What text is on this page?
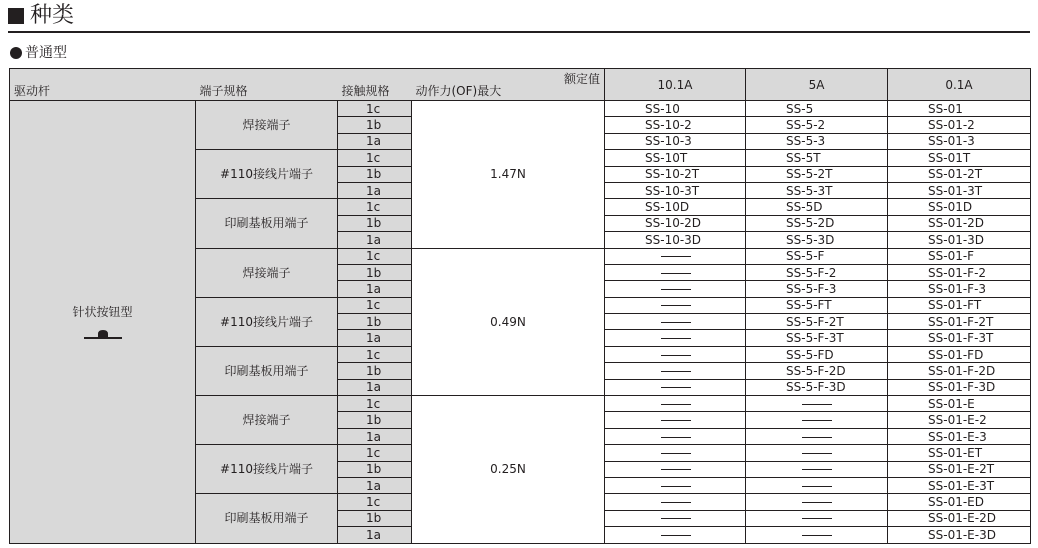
种类
普通型
驱动杆	端子规格	接触规格	动作力(OF)最大
额定值	10.1A	5A	0.1A
针状按钮型	焊接端子	1c	1.47N	SS-10	SS-5	SS-01
		1b		SS-10-2	SS-5-2	SS-01-2
		1a		SS-10-3	SS-5-3	SS-01-3
	#110接线片端子	1c		SS-10T	SS-5T	SS-01T
		1b		SS-10-2T	SS-5-2T	SS-01-2T
		1a		SS-10-3T	SS-5-3T	SS-01-3T
	印刷基板用端子	1c		SS-10D	SS-5D	SS-01D
		1b		SS-10-2D	SS-5-2D	SS-01-2D
		1a		SS-10-3D	SS-5-3D	SS-01-3D
	焊接端子	1c	0.49N		SS-5-F	SS-01-F
		1b			SS-5-F-2	SS-01-F-2
		1a			SS-5-F-3	SS-01-F-3
	#110接线片端子	1c			SS-5-FT	SS-01-FT
		1b			SS-5-F-2T	SS-01-F-2T
		1a			SS-5-F-3T	SS-01-F-3T
	印刷基板用端子	1c			SS-5-FD	SS-01-FD
		1b			SS-5-F-2D	SS-01-F-2D
		1a			SS-5-F-3D	SS-01-F-3D
	焊接端子	1c	0.25N			SS-01-E
		1b				SS-01-E-2
		1a				SS-01-E-3
	#110接线片端子	1c				SS-01-ET
		1b				SS-01-E-2T
		1a				SS-01-E-3T
	印刷基板用端子	1c				SS-01-ED
		1b				SS-01-E-2D
		1a				SS-01-E-3D
